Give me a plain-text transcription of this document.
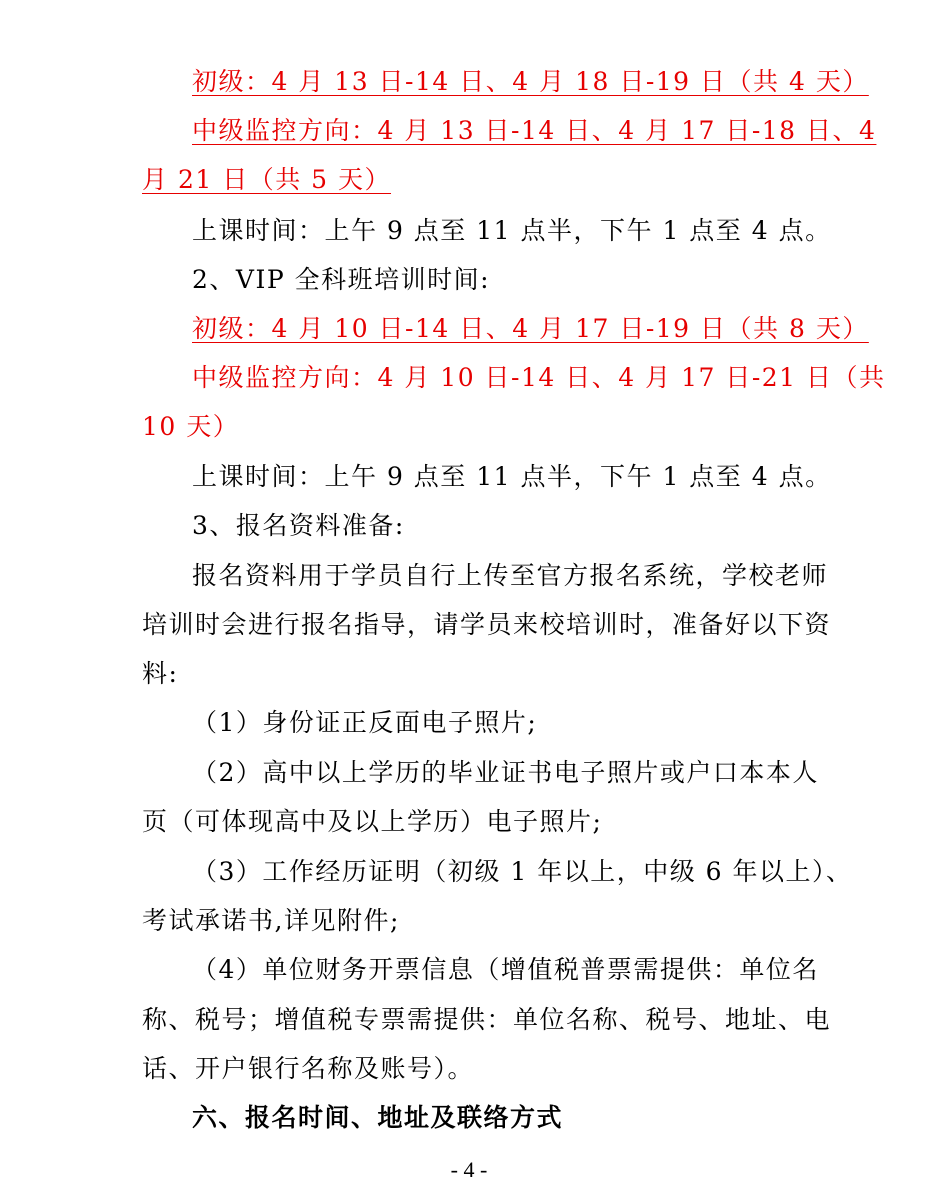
初级：4 月 13 日-14 日、4 月 18 日-19 日（共 4 天）
中级监控方向：4 月 13 日-14 日、4 月 17 日-18 日、4
月 21 日（共 5 天）
上课时间：上午 9 点至 11 点半，下午 1 点至 4 点。
2、VIP 全科班培训时间:
初级：4 月 10 日-14 日、4 月 17 日-19 日（共 8 天）
中级监控方向：4 月 10 日-14 日、4 月 17 日-21 日（共
10 天）
上课时间：上午 9 点至 11 点半，下午 1 点至 4 点。
3、报名资料准备:
报名资料用于学员自行上传至官方报名系统，学校老师
培训时会进行报名指导，请学员来校培训时，准备好以下资
料:
（1）身份证正反面电子照片;
（2）高中以上学历的毕业证书电子照片或户口本本人
页（可体现高中及以上学历）电子照片;
（3）工作经历证明（初级 1 年以上，中级 6 年以上）、
考试承诺书,详见附件;
（4）单位财务开票信息（增值税普票需提供：单位名
称、税号；增值税专票需提供：单位名称、税号、地址、电
话、开户银行名称及账号）。
六、报名时间、地址及联络方式
- 4 -
